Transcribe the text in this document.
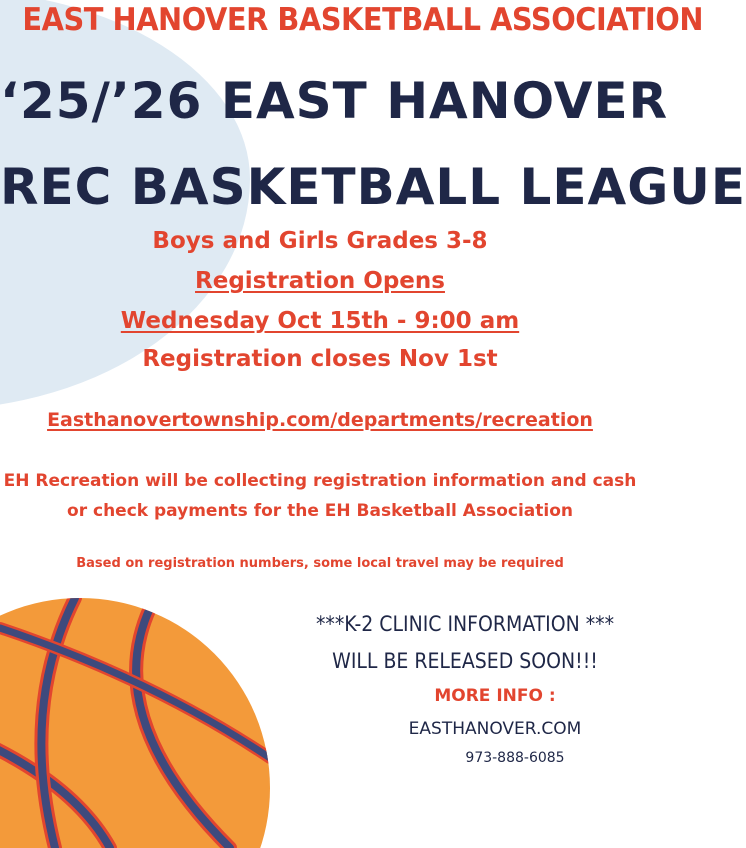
EAST HANOVER BASKETBALL ASSOCIATION
‘25/’26 EAST HANOVER
REC BASKETBALL LEAGUE
Boys and Girls Grades 3-8
Registration Opens
Wednesday Oct 15th - 9:00 am
Registration closes Nov 1st
Easthanovertownship.com/departments/recreation
EH Recreation will be collecting registration information and cash
or check payments for the EH Basketball Association
Based on registration numbers, some local travel may be required
***K-2 CLINIC INFORMATION ***
WILL BE RELEASED SOON!!!
MORE INFO :
EASTHANOVER.COM
973-888-6085
